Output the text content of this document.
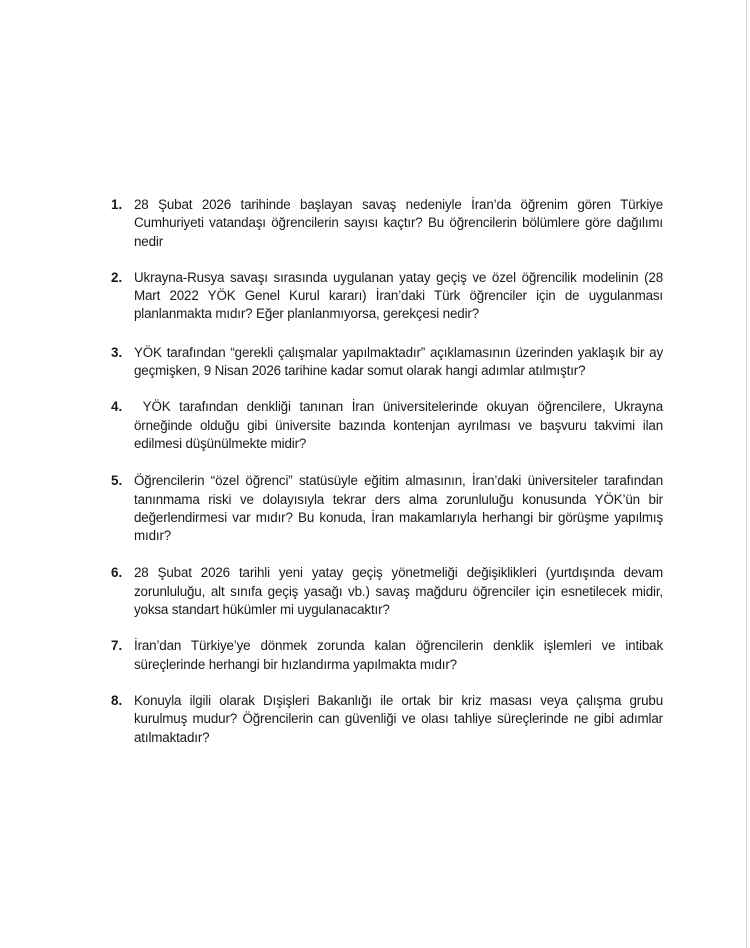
1. 28 Şubat 2026 tarihinde başlayan savaş nedeniyle İran’da öğrenim gören Türkiye Cumhuriyeti vatandaşı öğrencilerin sayısı kaçtır? Bu öğrencilerin bölümlere göre dağılımı nedir
2. Ukrayna-Rusya savaşı sırasında uygulanan yatay geçiş ve özel öğrencilik modelinin (28 Mart 2022 YÖK Genel Kurul kararı) İran’daki Türk öğrenciler için de uygulanması planlanmakta mıdır? Eğer planlanmıyorsa, gerekçesi nedir?
3. YÖK tarafından “gerekli çalışmalar yapılmaktadır” açıklamasının üzerinden yaklaşık bir ay geçmişken, 9 Nisan 2026 tarihine kadar somut olarak hangi adımlar atılmıştır?
4.	YÖK tarafından denkliği tanınan İran üniversitelerinde okuyan öğrencilere, Ukrayna örneğinde olduğu gibi üniversite bazında kontenjan ayrılması ve başvuru takvimi ilan edilmesi düşünülmekte midir?
5. Öğrencilerin “özel öğrenci” statüsüyle eğitim almasının, İran’daki üniversiteler tarafından tanınmama riski ve dolayısıyla tekrar ders alma zorunluluğu konusunda YÖK’ün bir değerlendirmesi var mıdır? Bu konuda, İran makamlarıyla herhangi bir görüşme yapılmış mıdır?
6. 28 Şubat 2026 tarihli yeni yatay geçiş yönetmeliği değişiklikleri (yurtdışında devam zorunluluğu, alt sınıfa geçiş yasağı vb.) savaş mağduru öğrenciler için esnetilecek midir, yoksa standart hükümler mi uygulanacaktır?
7. İran’dan Türkiye’ye dönmek zorunda kalan öğrencilerin denklik işlemleri ve intibak süreçlerinde herhangi bir hızlandırma yapılmakta mıdır?
8. Konuyla ilgili olarak Dışişleri Bakanlığı ile ortak bir kriz masası veya çalışma grubu kurulmuş mudur? Öğrencilerin can güvenliği ve olası tahliye süreçlerinde ne gibi adımlar atılmaktadır?
